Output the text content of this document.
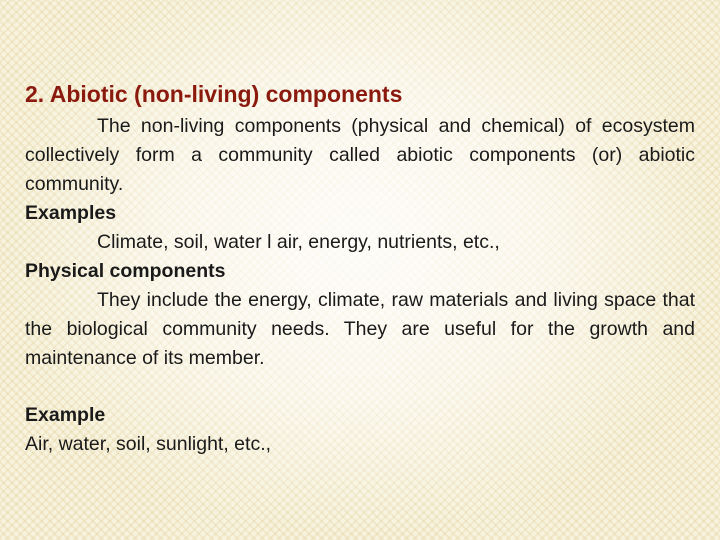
2. Abiotic (non-living) components

The non-living components (physical and chemical) of ecosystem collectively form a community called abiotic components (or) abiotic community.

Examples

Climate, soil, water l air, energy, nutrients, etc.,

Physical components

They include the energy, climate, raw materials and living space that the biological community needs. They are useful for the growth and maintenance of its member.

Example
Air, water, soil, sunlight, etc.,
